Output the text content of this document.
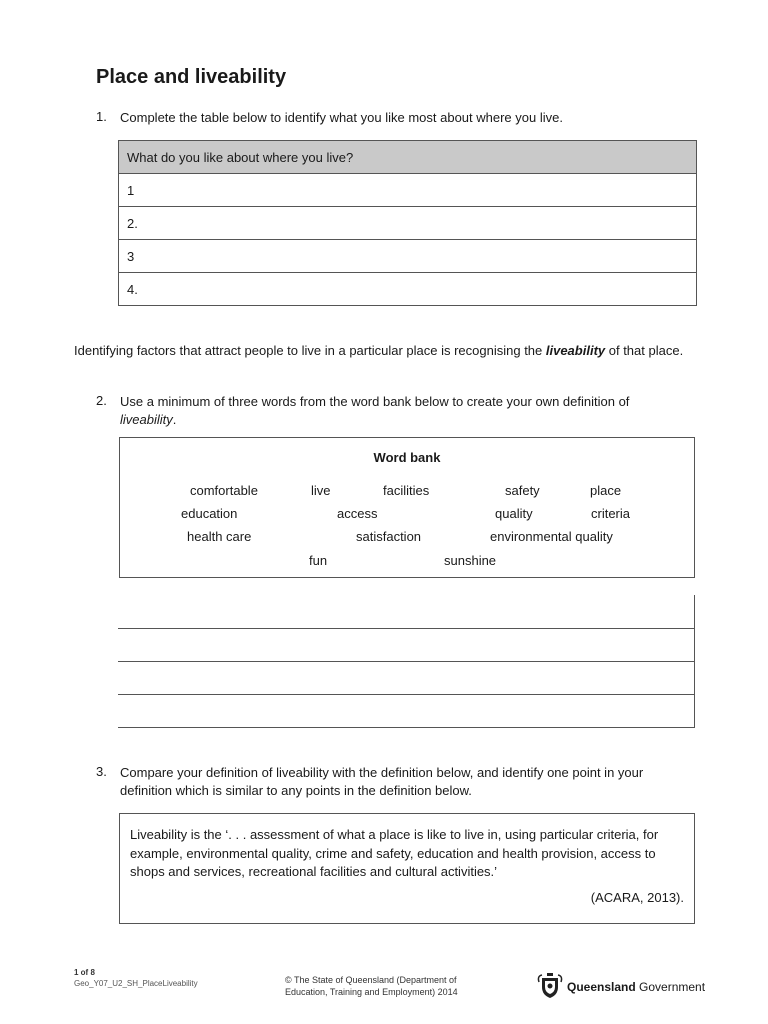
Place and liveability
1. Complete the table below to identify what you like most about where you live.
What do you like about where you live?
1
2.
3
4.
Identifying factors that attract people to live in a particular place is recognising the liveability of that place.
2. Use a minimum of three words from the word bank below to create your own definition of
liveability.
Word bank
comfortable	live	facilities	safety	place
education	access	quality	criteria
health care	satisfaction	environmental quality
fun	sunshine
3. Compare your definition of liveability with the definition below, and identify one point in your
definition which is similar to any points in the definition below.
Liveability is the ‘. . . assessment of what a place is like to live in, using particular criteria, for example, environmental quality, crime and safety, education and health provision, access to shops and services, recreational facilities and cultural activities.’
(ACARA, 2013).
1 of 8
Geo_Y07_U2_SH_PlaceLiveability	© The State of Queensland (Department of
Education, Training and Employment) 2014	Queensland Government
